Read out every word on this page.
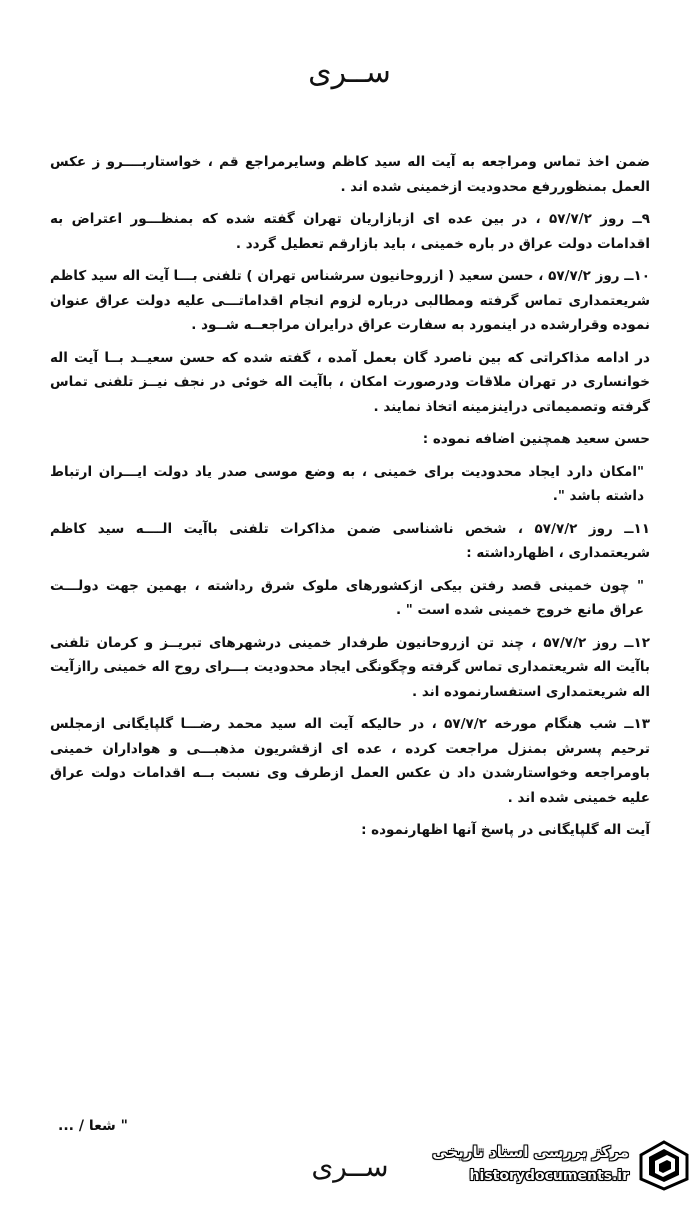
ســری

ضمن اخذ تماس ومراجعه به آیت اله سید کاظم وسایرمراجع قم ، خواستاربــــرو ز عکس العمل بمنظوررفع محدودیت ازخمینی شده اند .

۹ــ روز ۵۷/۷/۲ ، در بین عده ای ازبازاریان تهران گفته شده که بمنظـــور اعتراض به اقدامات دولت عراق در باره خمینی ، باید بازارقم تعطیل گردد .

۱۰ــ روز ۵۷/۷/۲ ، حسن سعید ( ازروحانیون سرشناس تهران ) تلفنی بـــا آیت اله سید کاظم شریعتمداری تماس گرفته ومطالبی درباره لزوم انجام اقداماتـــی علیه دولت عراق عنوان نموده وقرارشده در اینمورد به سفارت عراق درایران مراجعــه شــود .

در ادامه مذاکراتی که بین ناصرد گان بعمل آمده ، گفته شده که حسن سعیــد بــا آیت اله خوانساری در تهران ملاقات ودرصورت امکان ، باآیت اله خوئی در نجف نیــز تلفنی تماس گرفته وتصمیماتی دراینزمینه اتخاذ نمایند .

حسن سعید همچنین اضافه نموده :

"امکان دارد ایجاد محدودیت برای خمینی ، به وضع موسی صدر یاد دولت ایـــران ارتباط داشته باشد ".

۱۱ــ روز ۵۷/۷/۲ ، شخص ناشناسی ضمن مذاکرات تلفنی باآیت الــــه سید کاظم شریعتمداری ، اظهارداشته :

" چون خمینی قصد رفتن بیکی ازکشورهای ملوک شرق رداشته ، بهمین جهت دولـــت عراق مانع خروج خمینی شده است " .

۱۲ــ روز ۵۷/۷/۲ ، چند تن ازروحانیون طرفدار خمینی درشهرهای تبریــز و کرمان تلفنی باآیت اله شریعتمداری تماس گرفته وچگونگی ایجاد محدودیت بـــرای روح اله خمینی راازآیت اله شریعتمداری استفسارنموده اند .

۱۳ــ شب هنگام مورخه ۵۷/۷/۲ ، در حالیکه آیت اله سید محمد رضـــا گلپایگانی ازمجلس ترحیم پسرش بمنزل مراجعت کرده ، عده ای ازقشریون مذهبـــی و هواداران خمینی باومراجعه وخواستارشدن داد ن عکس العمل ازطرف وی نسبت بــه اقدامات دولت عراق علیه خمینی شده اند .

آیت اله گلپایگانی در پاسخ آنها اظهارنموده :

" شعا / ...
ســری	مرکز بررسی اسناد تاریخی
historydocuments.ir
